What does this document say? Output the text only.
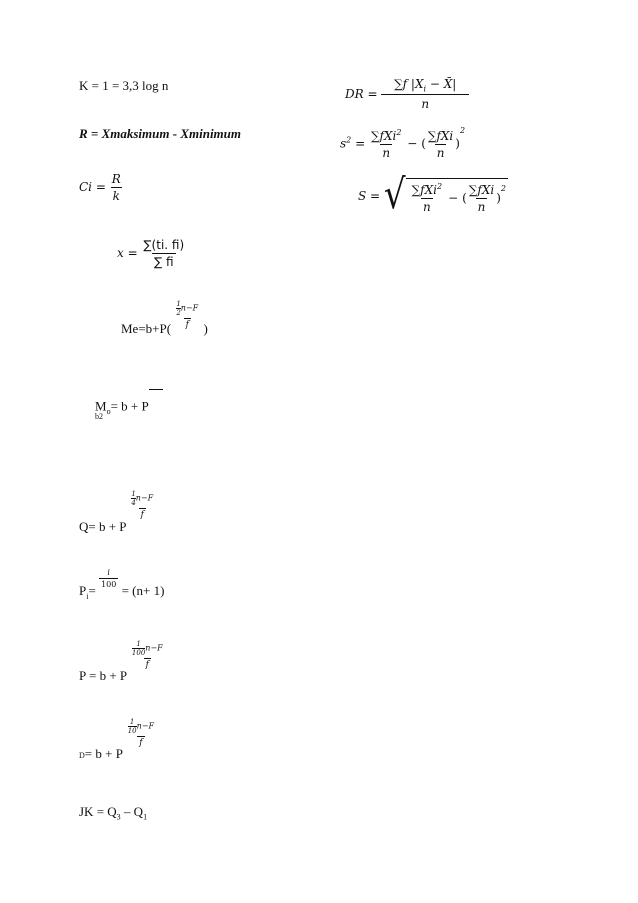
K = 1 = 3,3 log n
R = Xmaksimum - Xminimum
$Ci = \frac{R}{k}$
$x = \frac{\sum(ti. fi)}{\sum fi}$
$Me=b+P( \frac{\frac{1}{2} n-F}{f}$ )
$M_o= b + P$
$^{b2}$
Q= b + P
$\frac{\frac{1}{4} n-F}{f}$
$P_i=$
$\frac{i}{100}$
= (n+ 1)
P = b + P
$\frac{\frac{1}{100} n-F}{f}$
$_D$= b + P
$\frac{\frac{1}{10} n-F}{f}$
JK = $Q_3 - Q_1$
DR = $\frac{\sum f |X_i - X̄|}{n}$
$s^2 = \frac{\sum fXi^2}{n}$ − ( $\frac{\text{∑fXi}}{n} )^2$
S = √ $\frac{\sum fXi^2}{n}$ − ( $\frac{\text{∑fXi}}{n}$ )
$^2$
